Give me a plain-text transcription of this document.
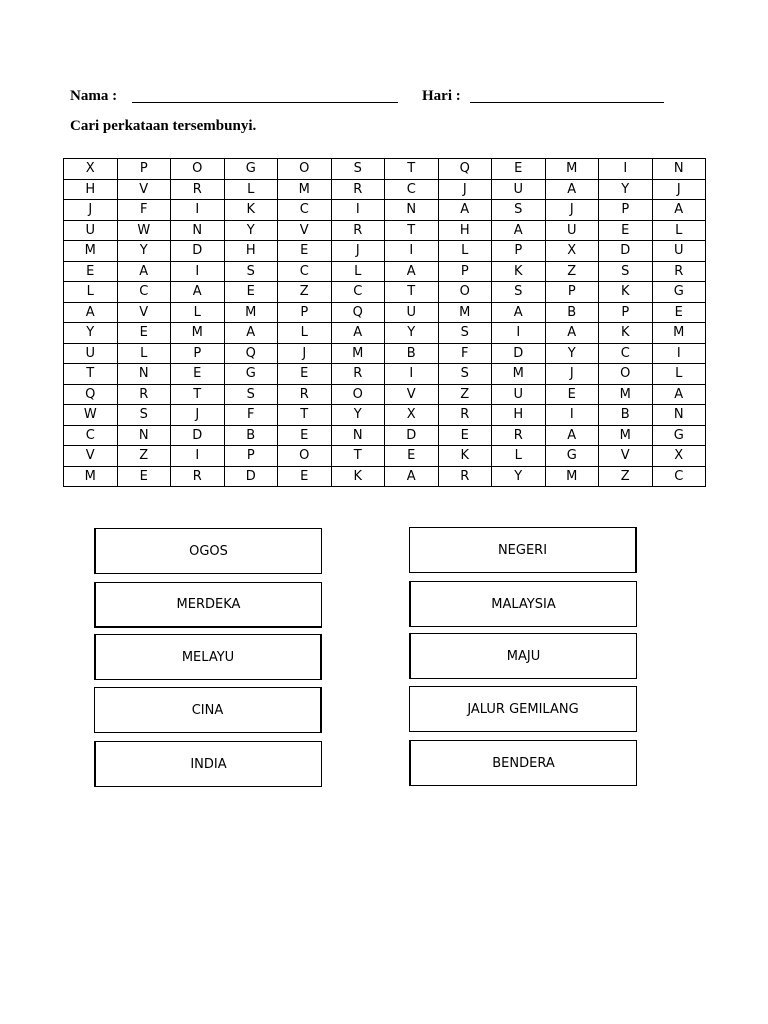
Nama :	Hari :
Cari perkataan tersembunyi.
X	P	O	G	O	S	T	Q	E	M	I	N
H	V	R	L	M	R	C	J	U	A	Y	J
J	F	I	K	C	I	N	A	S	J	P	A
U	W	N	Y	V	R	T	H	A	U	E	L
M	Y	D	H	E	J	I	L	P	X	D	U
E	A	I	S	C	L	A	P	K	Z	S	R
L	C	A	E	Z	C	T	O	S	P	K	G
A	V	L	M	P	Q	U	M	A	B	P	E
Y	E	M	A	L	A	Y	S	I	A	K	M
U	L	P	Q	J	M	B	F	D	Y	C	I
T	N	E	G	E	R	I	S	M	J	O	L
Q	R	T	S	R	O	V	Z	U	E	M	A
W	S	J	F	T	Y	X	R	H	I	B	N
C	N	D	B	E	N	D	E	R	A	M	G
V	Z	I	P	O	T	E	K	L	G	V	X
M	E	R	D	E	K	A	R	Y	M	Z	C
OGOS
MERDEKA
MELAYU
CINA
INDIA
NEGERI
MALAYSIA
MAJU
JALUR GEMILANG
BENDERA
